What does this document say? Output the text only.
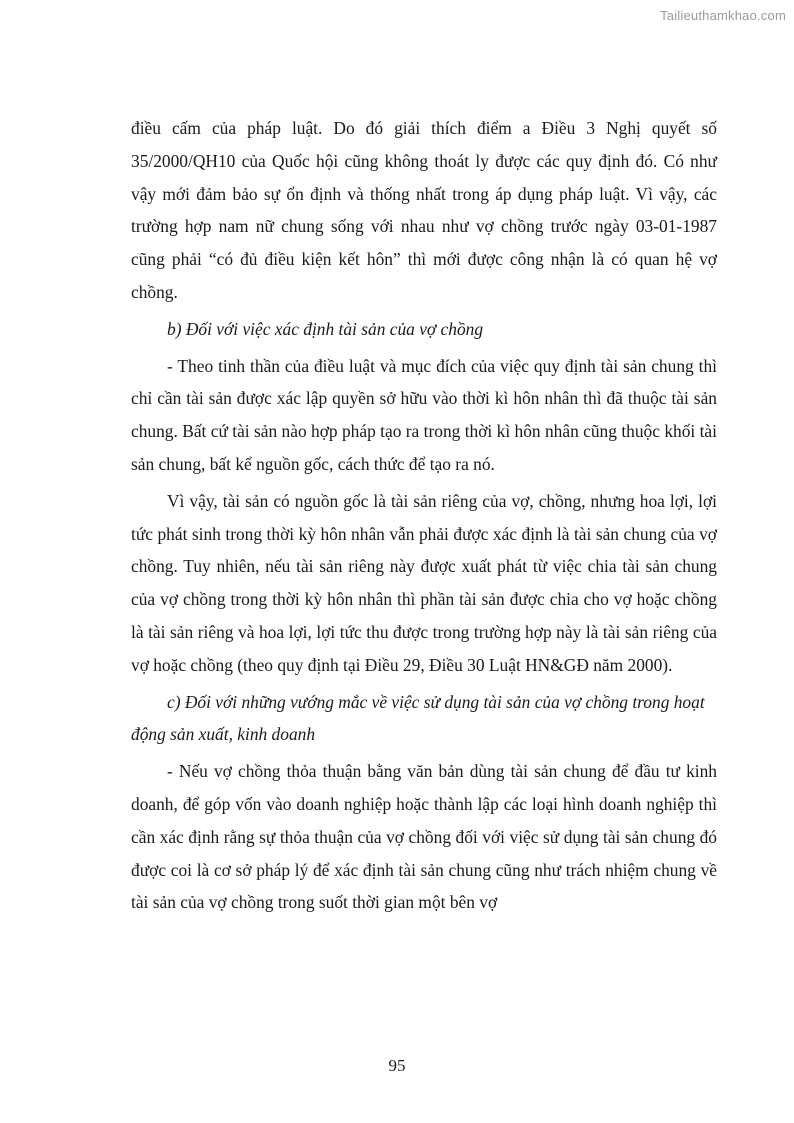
Tailieuthamkhao.com

điều cấm của pháp luật. Do đó giải thích điểm a Điều 3 Nghị quyết số 35/2000/QH10 của Quốc hội cũng không thoát ly được các quy định đó. Có như vậy mới đảm bảo sự ổn định và thống nhất trong áp dụng pháp luật. Vì vậy, các trường hợp nam nữ chung sống với nhau như vợ chồng trước ngày 03-01-1987 cũng phải “có đủ điều kiện kết hôn” thì mới được công nhận là có quan hệ vợ chồng.

b) Đối với việc xác định tài sản của vợ chồng

- Theo tinh thần của điều luật và mục đích của việc quy định tài sản chung thì chỉ cần tài sản được xác lập quyền sở hữu vào thời kì hôn nhân thì đã thuộc tài sản chung. Bất cứ tài sản nào hợp pháp tạo ra trong thời kì hôn nhân cũng thuộc khối tài sản chung, bất kể nguồn gốc, cách thức để tạo ra nó.

Vì vậy, tài sản có nguồn gốc là tài sản riêng của vợ, chồng, nhưng hoa lợi, lợi tức phát sinh trong thời kỳ hôn nhân vẫn phải được xác định là tài sản chung của vợ chồng. Tuy nhiên, nếu tài sản riêng này được xuất phát từ việc chia tài sản chung của vợ chồng trong thời kỳ hôn nhân thì phần tài sản được chia cho vợ hoặc chồng là tài sản riêng và hoa lợi, lợi tức thu được trong trường hợp này là tài sản riêng của vợ hoặc chồng (theo quy định tại Điều 29, Điều 30 Luật HN&GĐ năm 2000).

c) Đối với những vướng mắc về việc sử dụng tài sản của vợ chồng trong hoạt động sản xuất, kinh doanh

- Nếu vợ chồng thỏa thuận bằng văn bản dùng tài sản chung để đầu tư kinh doanh, để góp vốn vào doanh nghiệp hoặc thành lập các loại hình doanh nghiệp thì cần xác định rằng sự thỏa thuận của vợ chồng đối với việc sử dụng tài sản chung đó được coi là cơ sở pháp lý để xác định tài sản chung cũng như trách nhiệm chung về tài sản của vợ chồng trong suốt thời gian một bên vợ

95
